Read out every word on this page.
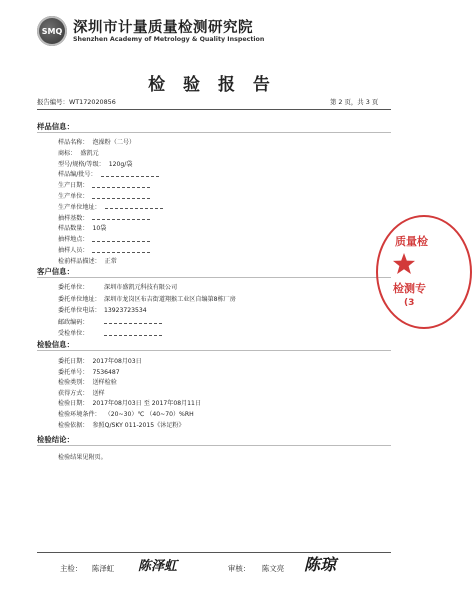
SMQ 深圳市计量质量检测研究院
Shenzhen Academy of Metrology & Quality Inspection
检 验 报 告
报告编号：WT172020856	第 2 页，共 3 页
样品信息：
样品名称： 泡澡粉（二号）
商标： 盛凯元
型号/规格/等级： 120g/袋
样品编/批号：
生产日期：
生产单位：
生产单位地址：
抽样基数：
样品数量： 10袋
抽样地点：
抽样人员：
检前样品描述： 正常
客户信息：
委托单位：	深圳市盛凯元科技有限公司
委托单位地址： 深圳市龙岗区布吉街道翔猴工业区自编第8栋厂房
委托单位电话： 13923723534
邮政编码：
受检单位：
检验信息：
委托日期： 2017年08月03日
委托单号： 7536487
检验类别： 送样检验
获得方式： 送样
检验日期： 2017年08月03日 至 2017年08月11日
检验环境条件： （20~30）℃ （40~70）%RH
检验依据： 参照Q/SKY 011-2015《沐足粉》
检验结论：
检验结果见附页。
主检： 陈泽虹 陈泽虹	审核： 陈文亮 陈琼
质量检
检测专
(3
